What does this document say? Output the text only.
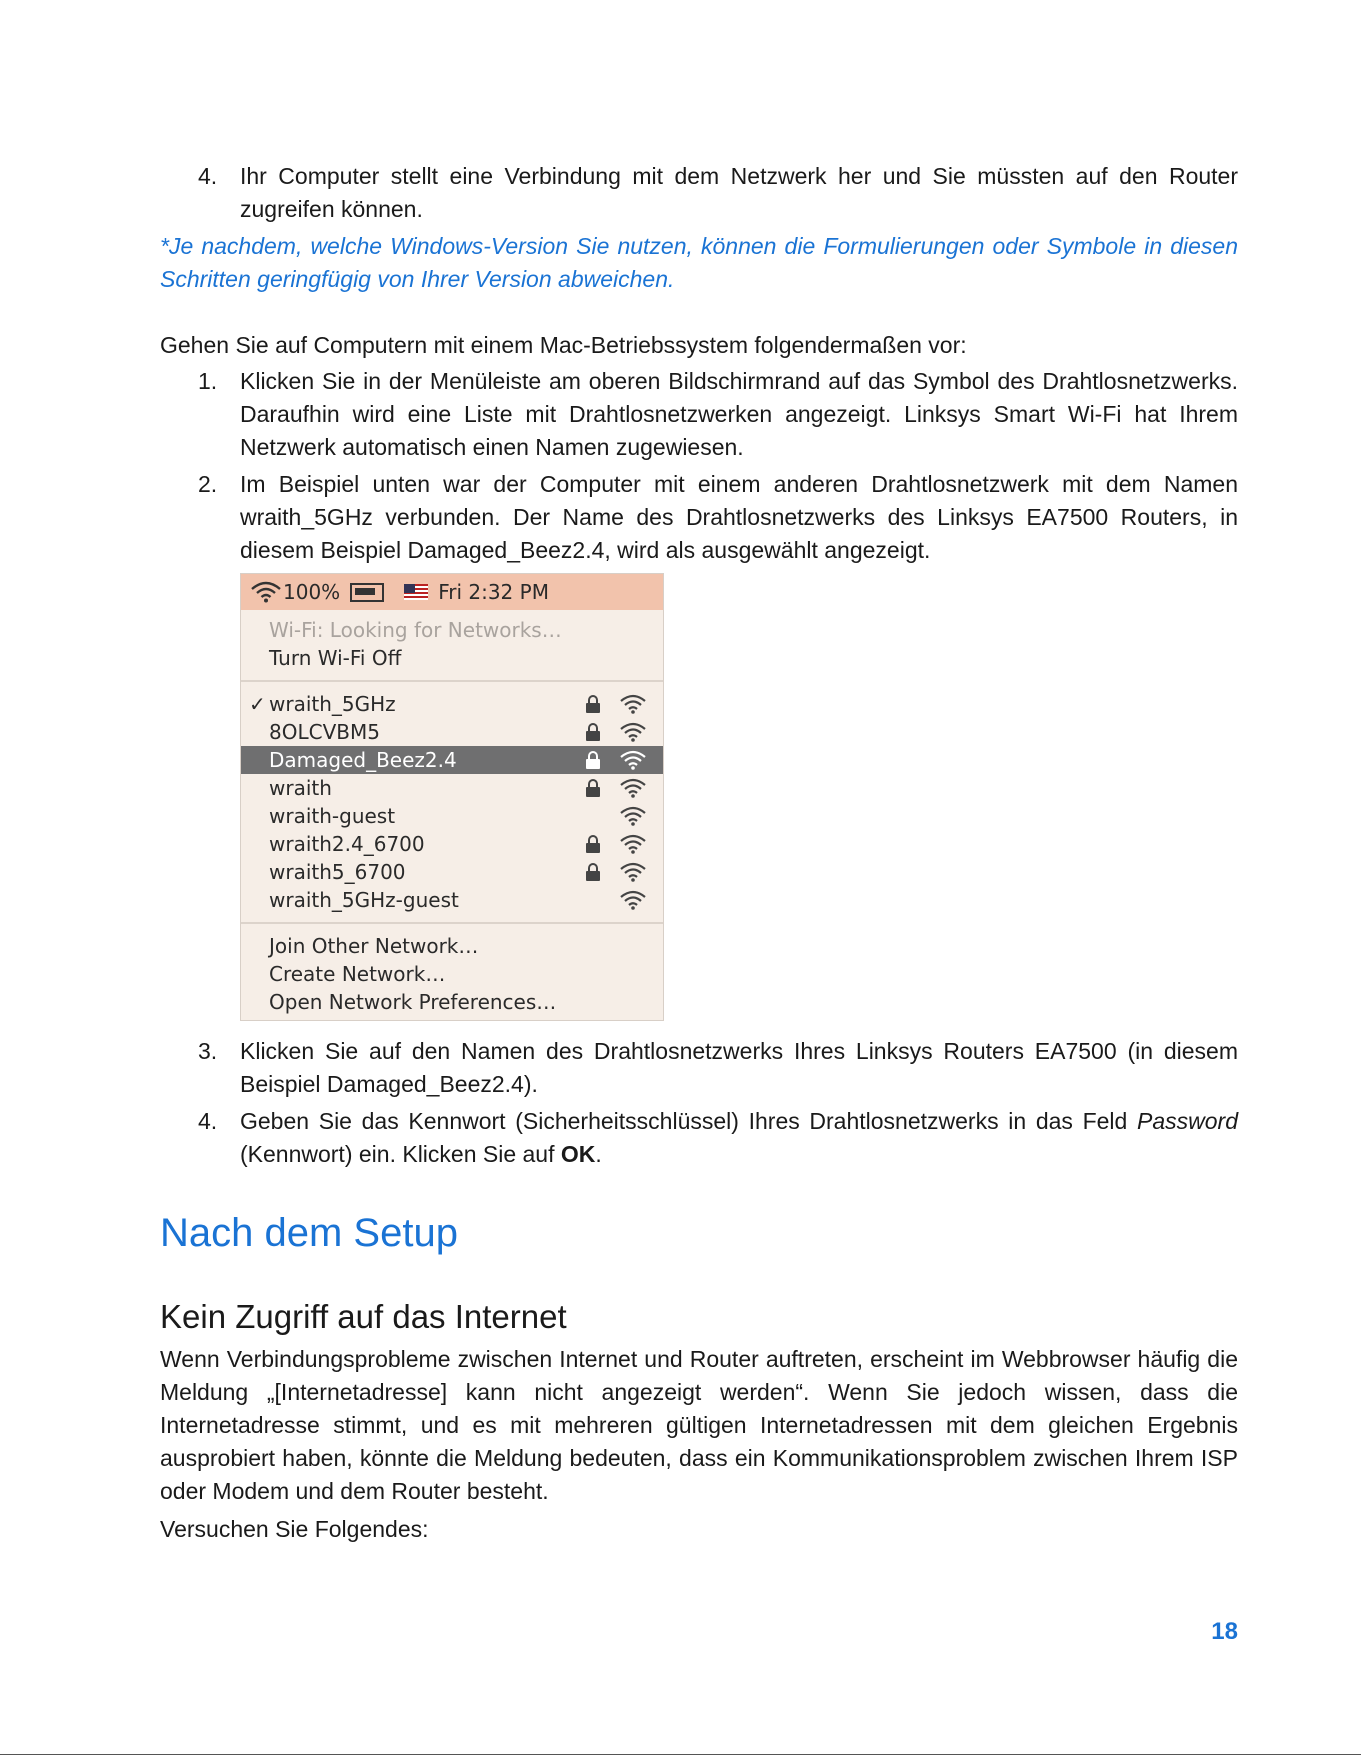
4. Ihr Computer stellt eine Verbindung mit dem Netzwerk her und Sie müssten auf den Router zugreifen können.

*Je nachdem, welche Windows-Version Sie nutzen, können die Formulierungen oder Symbole in diesen Schritten geringfügig von Ihrer Version abweichen.

Gehen Sie auf Computern mit einem Mac-Betriebssystem folgendermaßen vor:

1. Klicken Sie in der Menüleiste am oberen Bildschirmrand auf das Symbol des Drahtlosnetzwerks. Daraufhin wird eine Liste mit Drahtlosnetzwerken angezeigt. Linksys Smart Wi-Fi hat Ihrem Netzwerk automatisch einen Namen zugewiesen.
2. Im Beispiel unten war der Computer mit einem anderen Drahtlosnetzwerk mit dem Namen wraith_5GHz verbunden. Der Name des Drahtlosnetzwerks des Linksys EA7500 Routers, in diesem Beispiel Damaged_Beez2.4, wird als ausgewählt angezeigt.
100%	Fri 2:32 PM
Wi-Fi: Looking for Networks…
Turn Wi-Fi Off
✓ wraith_5GHz
8OLCVBM5
Damaged_Beez2.4
wraith
wraith-guest
wraith2.4_6700
wraith5_6700
wraith_5GHz-guest
Join Other Network…
Create Network…
Open Network Preferences…
3. Klicken Sie auf den Namen des Drahtlosnetzwerks Ihres Linksys Routers EA7500 (in diesem Beispiel Damaged_Beez2.4).
4. Geben Sie das Kennwort (Sicherheitsschlüssel) Ihres Drahtlosnetzwerks in das Feld Password (Kennwort) ein. Klicken Sie auf OK.
Nach dem Setup
Kein Zugriff auf das Internet

Wenn Verbindungsprobleme zwischen Internet und Router auftreten, erscheint im Webbrowser häufig die Meldung „[Internetadresse] kann nicht angezeigt werden“. Wenn Sie jedoch wissen, dass die Internetadresse stimmt, und es mit mehreren gültigen Internetadressen mit dem gleichen Ergebnis ausprobiert haben, könnte die Meldung bedeuten, dass ein Kommunikationsproblem zwischen Ihrem ISP oder Modem und dem Router besteht.

Versuchen Sie Folgendes:

18
